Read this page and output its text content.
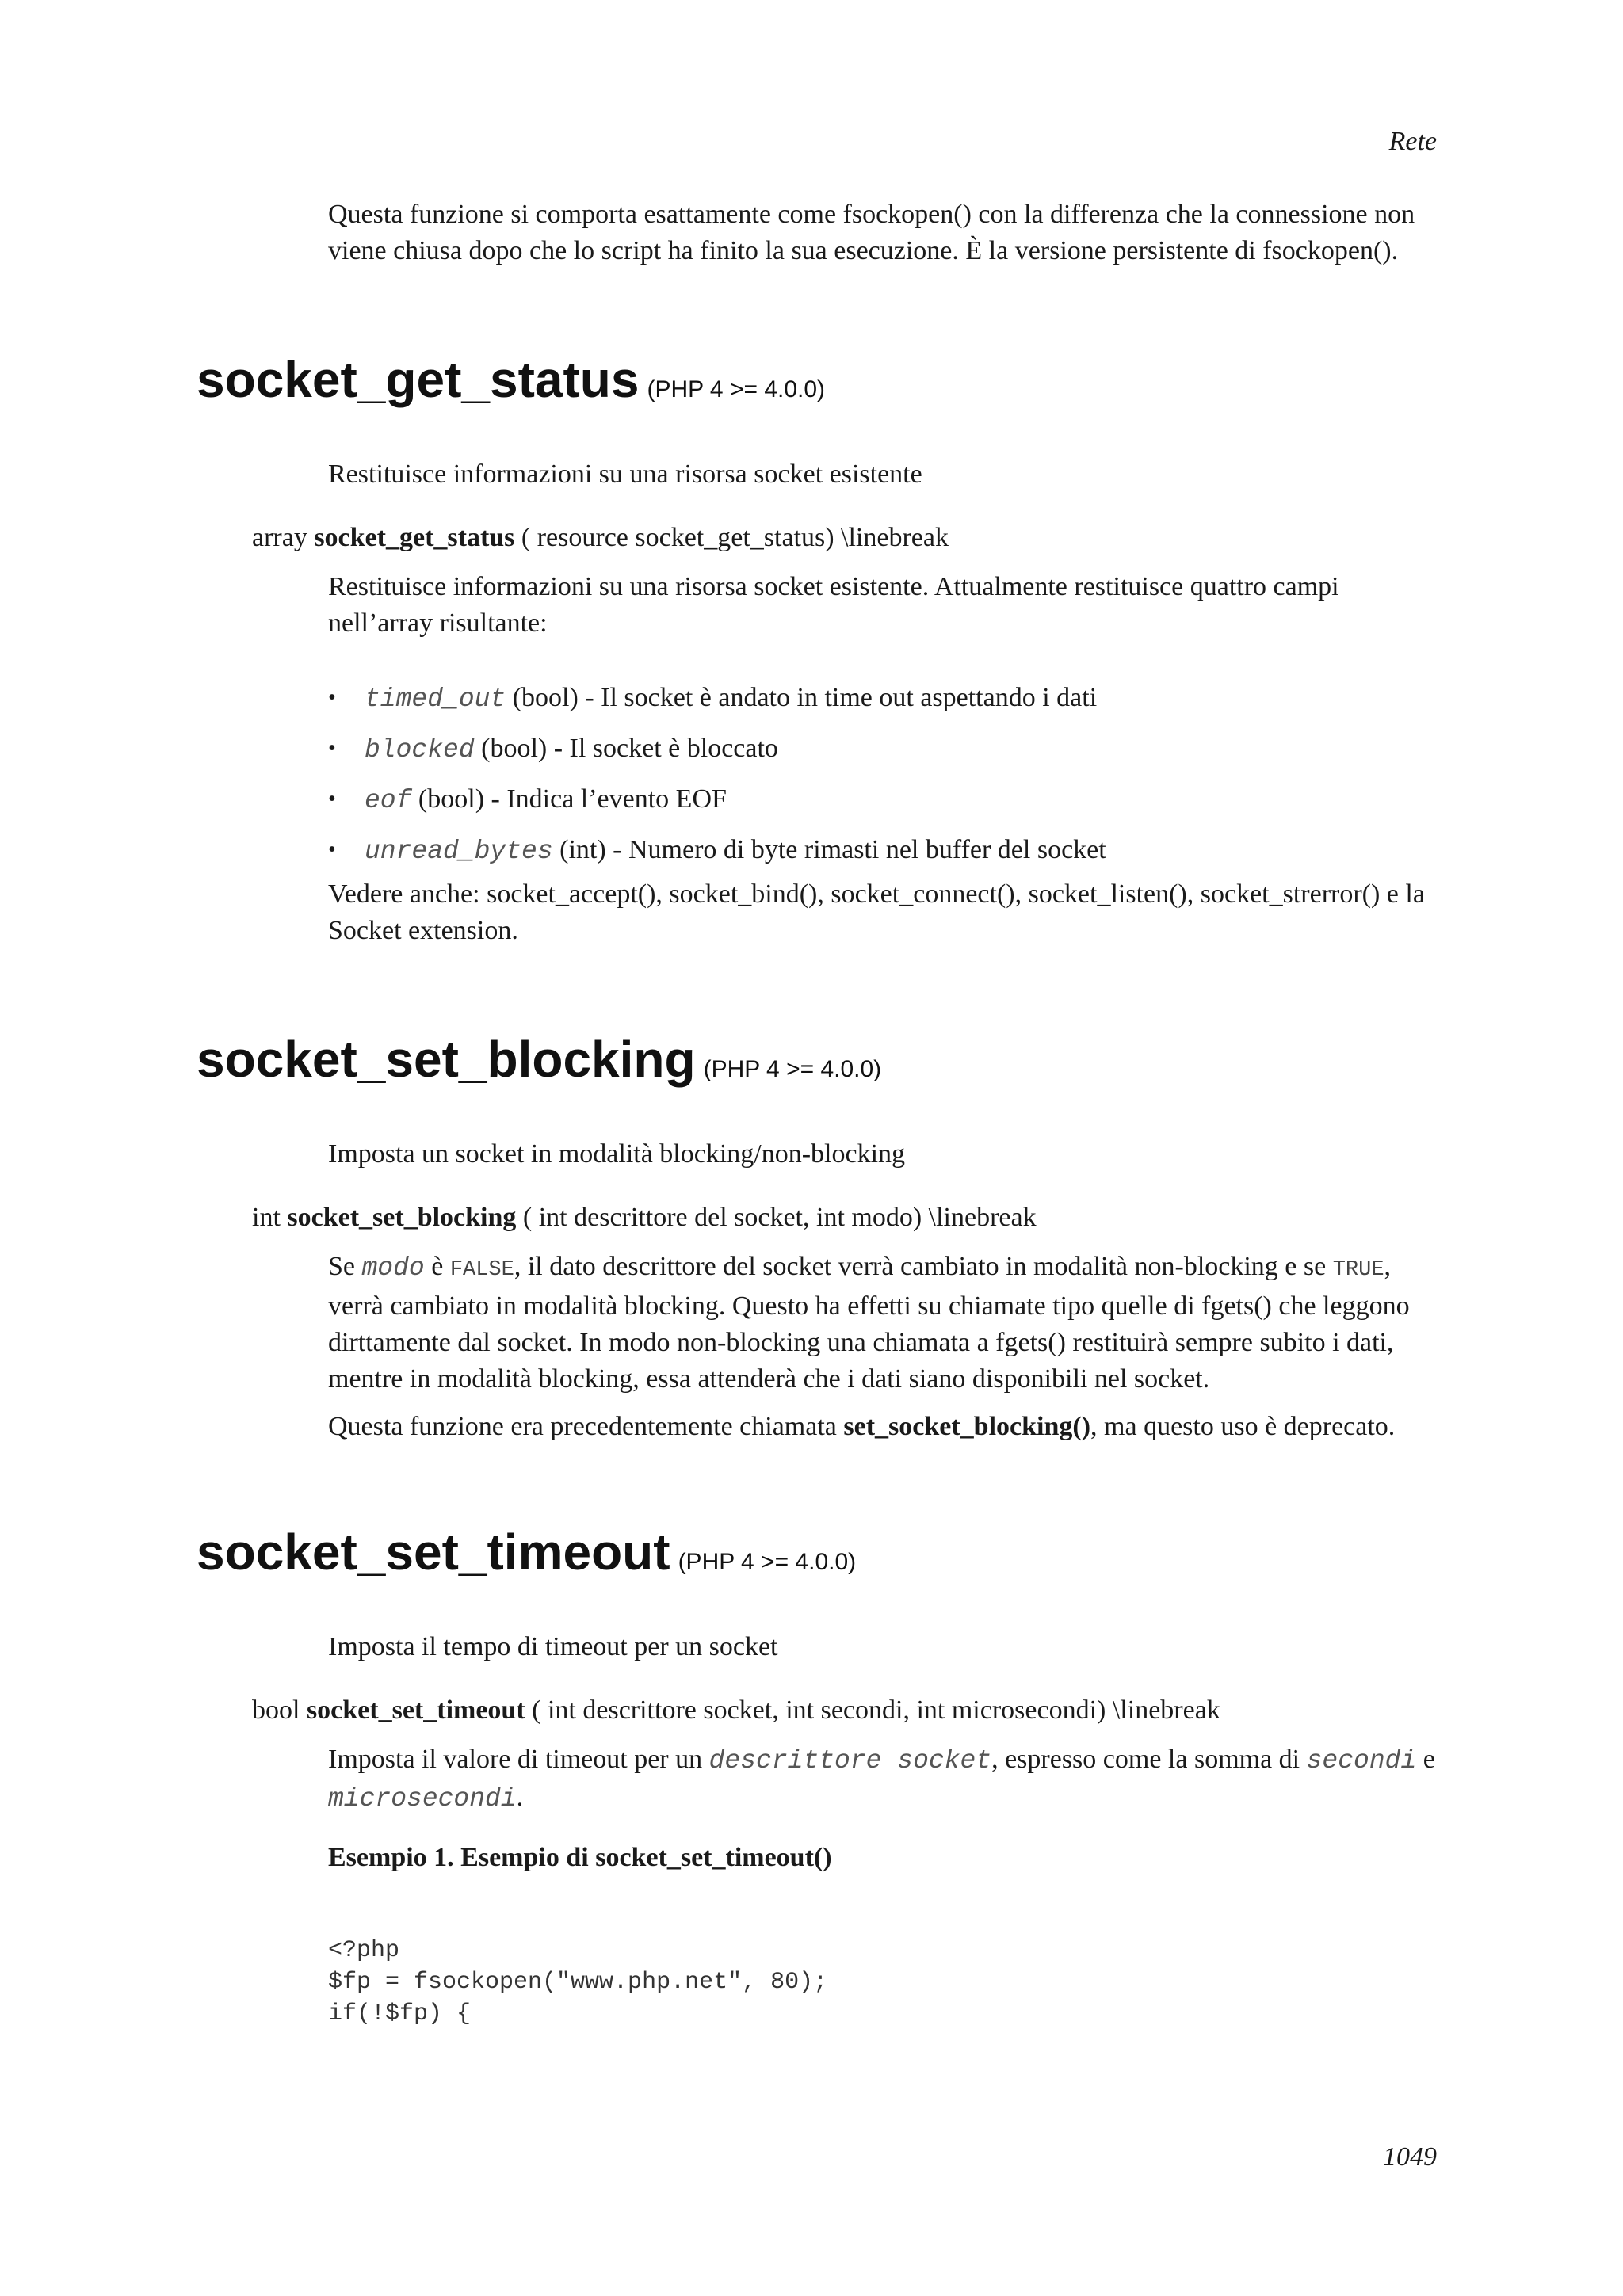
Rete
Questa funzione si comporta esattamente come fsockopen() con la differenza che la connessione non viene chiusa dopo che lo script ha finito la sua esecuzione. È la versione persistente di fsockopen().
socket_get_status (PHP 4 >= 4.0.0)
Restituisce informazioni su una risorsa socket esistente
array socket_get_status ( resource socket_get_status) \linebreak
Restituisce informazioni su una risorsa socket esistente. Attualmente restituisce quattro campi nell’array risultante:
• timed_out (bool) - Il socket è andato in time out aspettando i dati
• blocked (bool) - Il socket è bloccato
• eof (bool) - Indica l’evento EOF
• unread_bytes (int) - Numero di byte rimasti nel buffer del socket
Vedere anche: socket_accept(), socket_bind(), socket_connect(), socket_listen(), socket_strerror() e la Socket extension.
socket_set_blocking (PHP 4 >= 4.0.0)
Imposta un socket in modalità blocking/non-blocking
int socket_set_blocking ( int descrittore del socket, int modo) \linebreak
Se modo è FALSE, il dato descrittore del socket verrà cambiato in modalità non-blocking e se TRUE, verrà cambiato in modalità blocking. Questo ha effetti su chiamate tipo quelle di fgets() che leggono dirttamente dal socket. In modo non-blocking una chiamata a fgets() restituirà sempre subito i dati, mentre in modalità blocking, essa attenderà che i dati siano disponibili nel socket.
Questa funzione era precedentemente chiamata set_socket_blocking(), ma questo uso è deprecato.
socket_set_timeout (PHP 4 >= 4.0.0)
Imposta il tempo di timeout per un socket
bool socket_set_timeout ( int descrittore socket, int secondi, int microsecondi) \linebreak
Imposta il valore di timeout per un descrittore socket, espresso come la somma di secondi e microsecondi.
Esempio 1. Esempio di socket_set_timeout()
<?php
$fp = fsockopen("www.php.net", 80);
if(!$fp) {
1049
